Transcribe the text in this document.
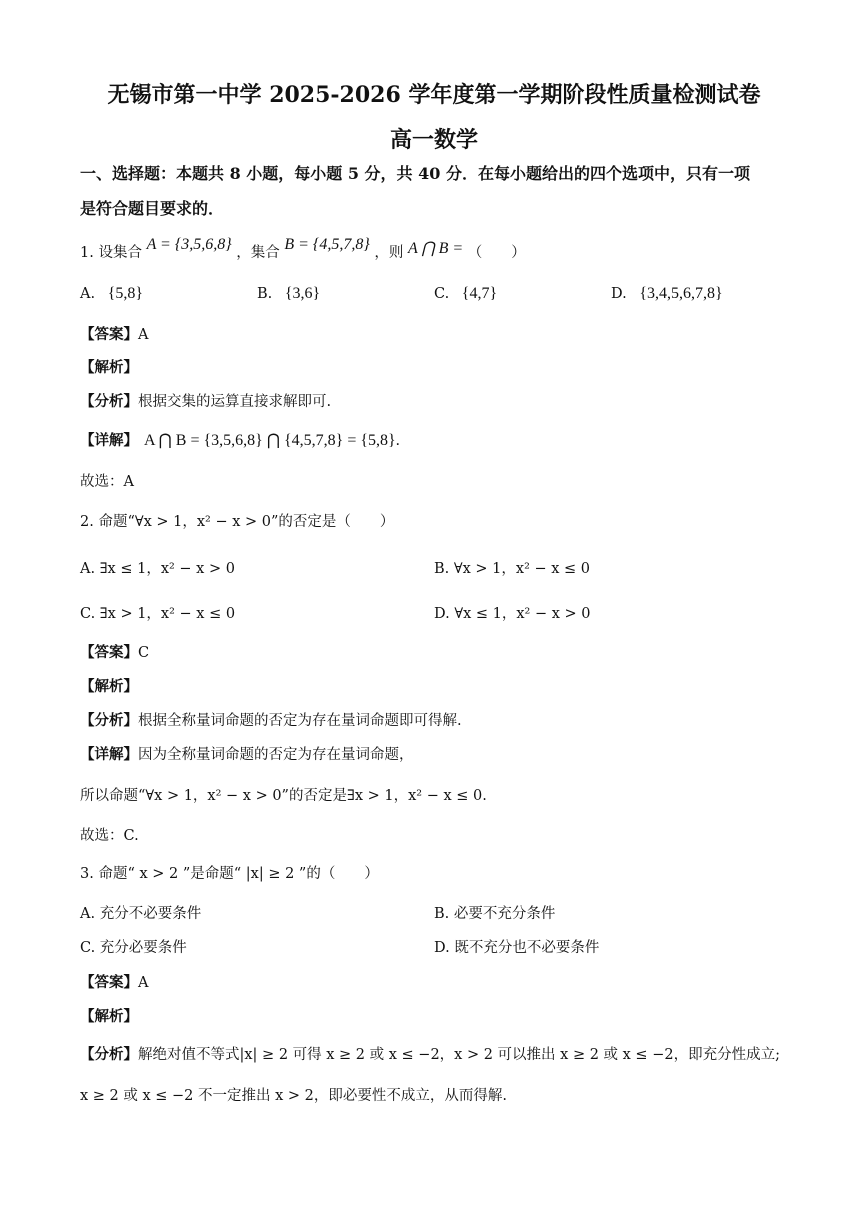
无锡市第一中学 2025-2026 学年度第一学期阶段性质量检测试卷
高一数学
一、选择题：本题共 8 小题，每小题 5 分，共 40 分．在每小题给出的四个选项中，只有一项
是符合题目要求的．
1. 设集合 A = {3,5,6,8} ，集合 B = {4,5,7,8} ，则 A ⋂ B = （　　）
A. {5,8}	B. {3,6}	C. {4,7}	D. {3,4,5,6,7,8}
【答案】A
【解析】
【分析】根据交集的运算直接求解即可.
【详解】 A ⋂ B = {3,5,6,8} ⋂ {4,5,7,8} = {5,8}.
故选：A
2. 命题“∀x > 1，x² − x > 0”的否定是（　　）
A. ∃x ≤ 1，x² − x > 0	B. ∀x > 1，x² − x ≤ 0
C. ∃x > 1，x² − x ≤ 0	D. ∀x ≤ 1，x² − x > 0
【答案】C
【解析】
【分析】根据全称量词命题的否定为存在量词命题即可得解.
【详解】因为全称量词命题的否定为存在量词命题，
所以命题“∀x > 1，x² − x > 0”的否定是∃x > 1，x² − x ≤ 0.
故选：C.
3. 命题“ x > 2 ”是命题“ |x| ≥ 2 ”的（　　）
A. 充分不必要条件	B. 必要不充分条件
C. 充分必要条件	D. 既不充分也不必要条件
【答案】A
【解析】
【分析】解绝对值不等式|x| ≥ 2 可得 x ≥ 2 或 x ≤ −2，x > 2 可以推出 x ≥ 2 或 x ≤ −2，即充分性成立;
x ≥ 2 或 x ≤ −2 不一定推出 x > 2，即必要性不成立，从而得解.
